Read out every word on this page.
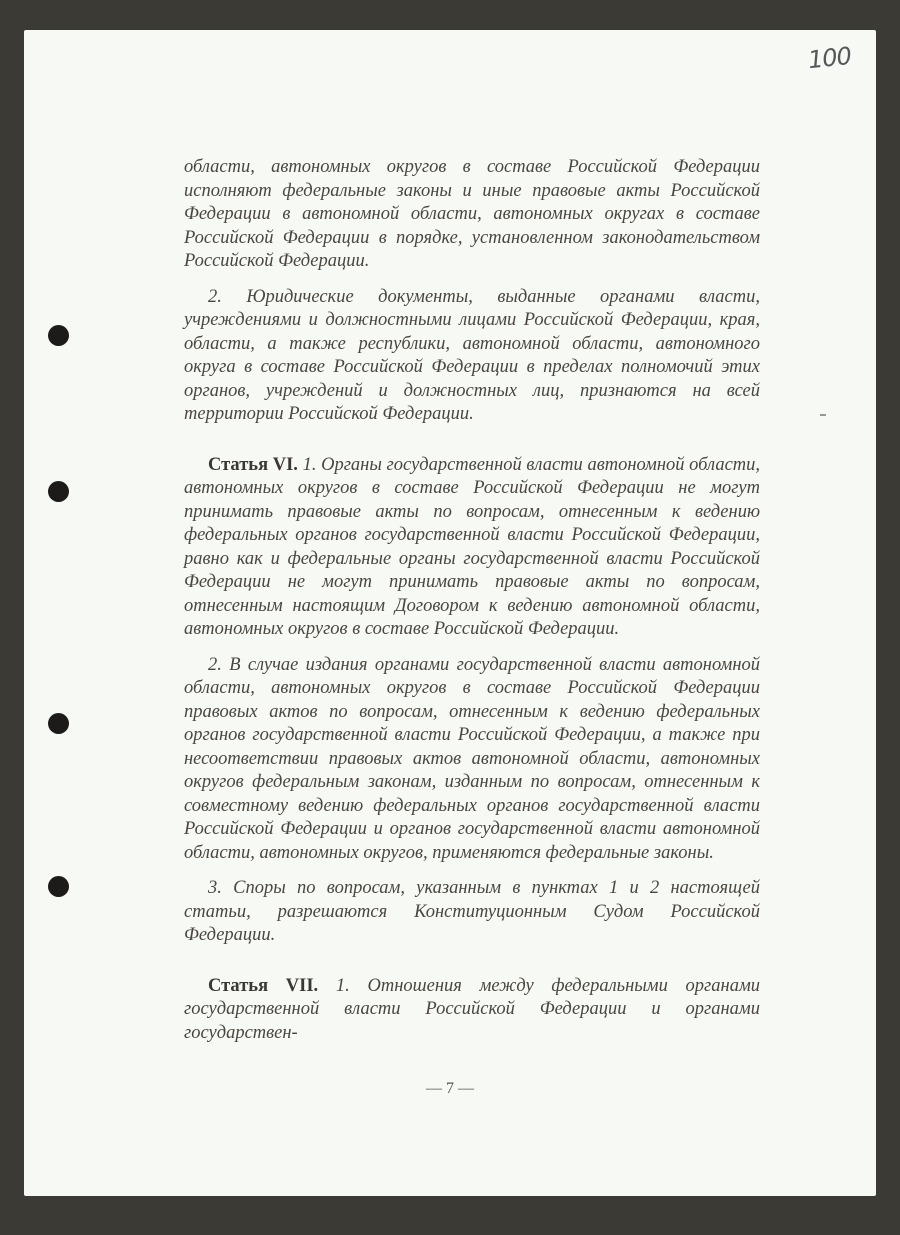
100

области, автономных округов в составе Российской Федерации исполняют федеральные законы и иные правовые акты Российской Федерации в автономной области, автономных округах в составе Российской Федерации в порядке, установленном законодательством Российской Федерации.

2. Юридические документы, выданные органами власти, учреждениями и должностными лицами Российской Федерации, края, области, а также республики, автономной области, автономного округа в составе Российской Федерации в пределах полномочий этих органов, учреждений и должностных лиц, признаются на всей территории Российской Федерации.

Статья VI. 1. Органы государственной власти автономной области, автономных округов в составе Российской Федерации не могут принимать правовые акты по вопросам, отнесенным к ведению федеральных органов государственной власти Российской Федерации, равно как и федеральные органы государственной власти Российской Федерации не могут принимать правовые акты по вопросам, отнесенным настоящим Договором к ведению автономной области, автономных округов в составе Российской Федерации.

2. В случае издания органами государственной власти автономной области, автономных округов в составе Российской Федерации правовых актов по вопросам, отнесенным к ведению федеральных органов государственной власти Российской Федерации, а также при несоответствии правовых актов автономной области, автономных округов федеральным законам, изданным по вопросам, отнесенным к совместному ведению федеральных органов государственной власти Российской Федерации и органов государственной власти автономной области, автономных округов, применяются федеральные законы.

3. Споры по вопросам, указанным в пунктах 1 и 2 настоящей статьи, разрешаются Конституционным Судом Российской Федерации.

Статья VII. 1. Отношения между федеральными органами государственной власти Российской Федерации и органами государствен-

— 7 —
